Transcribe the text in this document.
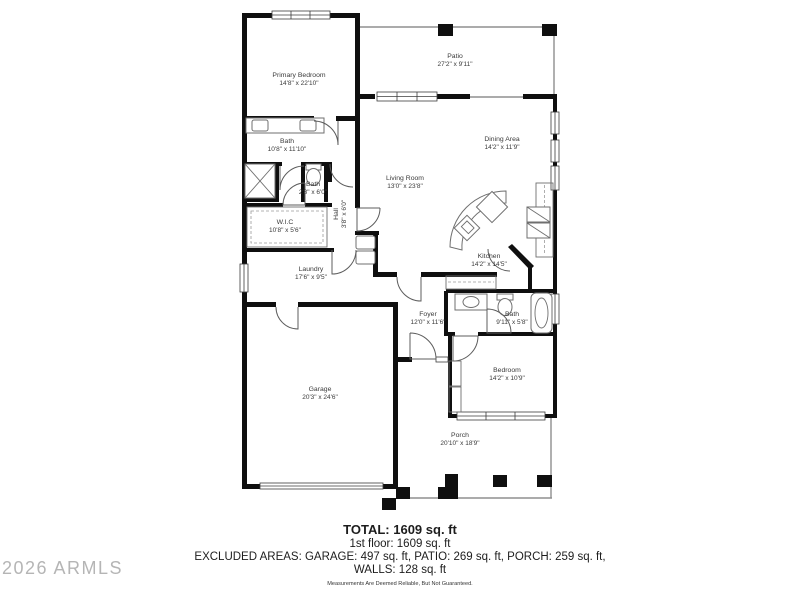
Primary Bedroom
14'8" x 22'10"
Patio
27'2" x 9'11"
Bath
10'8" x 11'10"
Bath
2'8" x 6'0"
Hall 3'8" x 6'0"
W.I.C
10'8" x 5'6"
Laundry
17'6" x 9'5"
Living Room
13'0" x 23'8"
Dining Area
14'2" x 11'9"
Kitchen
14'2" x 14'5"
Foyer
12'0" x 11'6"
Bath
9'11" x 5'8"
Garage
20'3" x 24'6"
Bedroom
14'2" x 10'9"
Porch
20'10" x 18'9"
TOTAL: 1609 sq. ft
1st floor: 1609 sq. ft
EXCLUDED AREAS: GARAGE: 497 sq. ft, PATIO: 269 sq. ft, PORCH: 259 sq. ft,
WALLS: 128 sq. ft
Measurements Are Deemed Reliable, But Not Guaranteed.
2026 ARMLS
